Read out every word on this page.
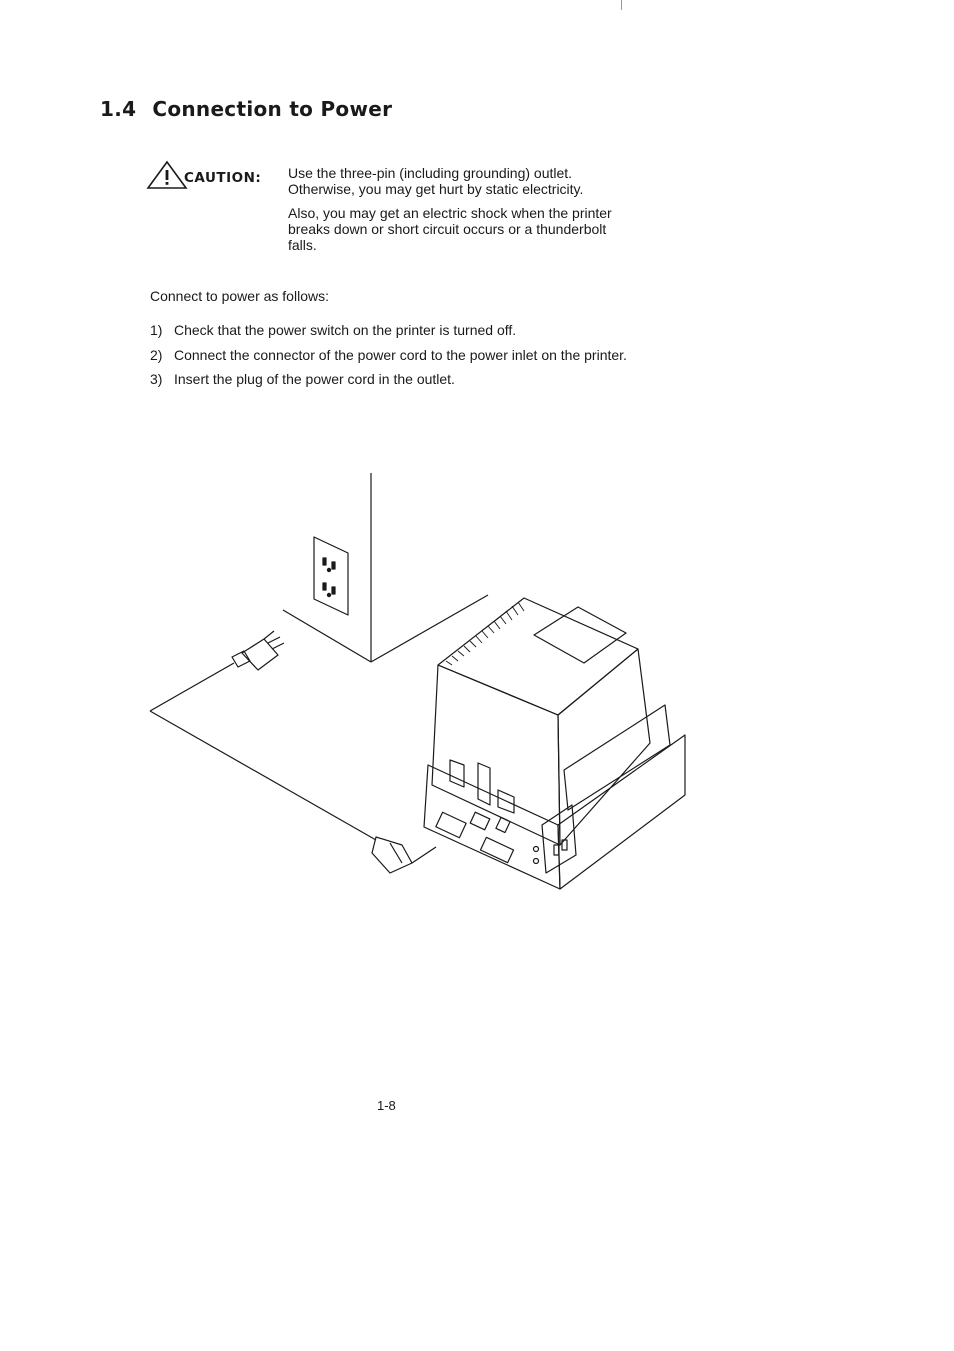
1.4 Connection to Power
CAUTION: Use the three-pin (including grounding) outlet.
Otherwise, you may get hurt by static electricity.

Also, you may get an electric shock when the printer
breaks down or short circuit occurs or a thunderbolt
falls.

Connect to power as follows:
1) Check that the power switch on the printer is turned off.
2) Connect the connector of the power cord to the power inlet on the printer.
3) Insert the plug of the power cord in the outlet.
1-8
